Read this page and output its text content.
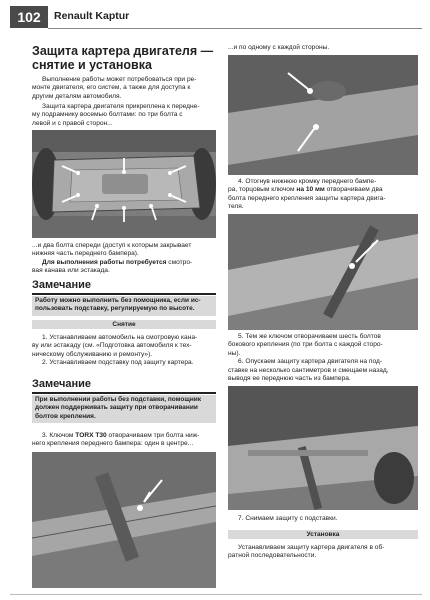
102	Renault Kaptur
Защита картера двигателя —
снятие и установка
Выполнение работы может потребоваться при ре-
монте двигателя, его систем, а также для доступа к
другим деталям автомобиля.
Защита картера двигателя прикреплена к передне-
му подрамнику восемью болтами: по три болта с
левой и с правой сторон...
...и два болта спереди (доступ к которым закрывает
нижняя часть переднего бампера).
Для выполнения работы потребуется смотро-
вая канава или эстакада.
Замечание
Работу можно выполнить без помощника, если ис-
пользовать подставку, регулируемую по высоте.
Снятие
1. Устанавливаем автомобиль на смотровую кана-
ву или эстакаду (см. «Подготовка автомобиля к тех-
ническому обслуживанию и ремонту»).
2. Устанавливаем подставку под защиту картера.
Замечание
При выполнении работы без подставки, помощник
должен поддерживать защиту при отворачивании
болтов крепления.
3. Ключом TORX T30 отворачиваем три болта ниж-
него крепления переднего бампера: один в центре...
...и по одному с каждой стороны.
4. Отогнув нижнюю кромку переднего бампе-
ра, торцовым ключом на 10 мм отворачиваем два
болта переднего крепления защиты картера двига-
теля.
5. Тем же ключом отворачиваем шесть болтов
бокового крепления (по три болта с каждой сторо-
ны).
6. Опускаем защиту картера двигателя на под-
ставке на несколько сантиметров и смещаем назад,
выводя ее переднюю часть из бампера.
7. Снимаем защиту с подставки.
Установка
Устанавливаем защиту картера двигателя в об-
ратной последовательности.
